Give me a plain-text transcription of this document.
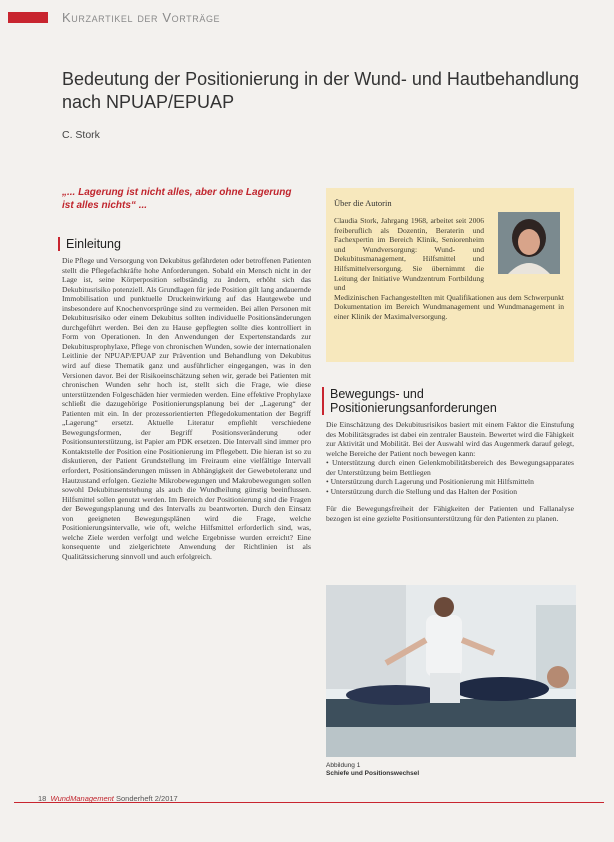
Kurzartikel der Vorträge
Bedeutung der Positionierung in der Wund- und Hautbehandlung nach NPUAP/EPUAP
C. Stork
„... Lagerung ist nicht alles, aber ohne Lagerung ist alles nichts“ ...
Einleitung
Die Pflege und Versorgung von Dekubitus gefährdeten oder betroffenen Patienten stellt die Pflegefachkräfte hohe Anforderungen. Sobald ein Mensch nicht in der Lage ist, seine Körperposition selbständig zu ändern, erhöht sich das Dekubitusrisiko potenziell. Als Grundlagen für jede Position gilt lang andauernde Immobilisation und punktuelle Druckeinwirkung auf das Hautgewebe und insbesondere auf Knochenvorsprünge sind zu vermeiden. Bei allen Personen mit Dekubitusrisiko oder einem Dekubitus sollten individuelle Positionsänderungen durchgeführt werden. Bei den zu Hause gepflegten sollte dies kontrolliert in Form von Operationen. In den Anwendungen der Expertenstandards zur Dekubitusprophylaxe, Pflege von chronischen Wunden, sowie der internationalen Leitlinie der NPUAP/EPUAP zur Prävention und Behandlung von Dekubitus wird auf diese Thematik ganz und ausführlicher eingegangen, was in den Versionen davor. Bei der Risikoeinschätzung sehen wir, gerade bei Patienten mit chronischen Wunden sehr hoch ist, stellt sich die Frage, wie diese unterstützenden Folgeschäden hier vermieden werden. Eine effektive Prophylaxe schließt die dazugehörige Positionierungsplanung bei der „Lagerung“ der Patienten mit ein. In der prozessorientierten Pflegedokumentation der Begriff „Lagerung“ ersetzt. Aktuelle Literatur empfiehlt verschiedene Bewegungsformen, der Begriff Positionsveränderung oder Positionsunterstützung, ist Papier am PDK ersetzen. Die Intervall sind immer pro Kontaktstelle der Position eine Positionierung im Pflegebett. Die hieran ist so zu diskutieren, der Patient Grundstellung im Freiraum eine vielfältige Intervall erfordert, Positionsänderungen müssen in Abhängigkeit der Gewebetoleranz und Hautzustand erfolgen. Gezielte Mikrobewegungen und Makrobewegungen sollen sowohl Dekubitusentstehung als auch die Wundheilung günstig beeinflussen. Hilfsmittel sollen genutzt werden. Im Bereich der Positionierung sind die Fragen der Bewegungsplanung und des Intervalls zu beantworten. Durch den Einsatz von geeigneten Bewegungsplänen wird die Frage, welche Positionierungsintervalle, wie oft, welche Hilfsmittel erforderlich sind, was, welche Ziele werden verfolgt und welche Ergebnisse wurden erreicht? Eine konsequente und zielgerichtete Anwendung der Richtlinien ist als Qualitätssicherung sinnvoll und auch erfolgreich.
Über die Autorin
Claudia Stork, Jahrgang 1968, arbeitet seit 2006 freiberuflich als Dozentin, Beraterin und Fachexpertin im Bereich Klinik, Seniorenheim und Wundversorgung: Wund- und Dekubitusmanagement, Hilfsmittel und Hilfsmittelversorgung. Sie übernimmt die Leitung der Initiative Wundzentrum Fortbildung und
Medizinischen Fachangestellten mit Qualifikationen aus dem Schwerpunkt Dokumentation im Bereich Wundmanagement und Wundmanagement in einer Klinik der Maximalversorgung.
Bewegungs- und Positionierungsanforderungen
Die Einschätzung des Dekubitusrisikos basiert mit einem Faktor die Einstufung des Mobilitätsgrades ist dabei ein zentraler Baustein. Bewertet wird die Fähigkeit zur Aktivität und Mobilität. Bei der Auswahl wird das Augenmerk darauf gelegt, welche Bereiche der Patient noch bewegen kann:
• Unterstützung durch einen Gelenkmobilitätsbereich des Bewegungsapparates der Unterstützung beim Bettliegen
• Unterstützung durch Lagerung und Positionierung mit Hilfsmitteln
• Unterstützung durch die Stellung und das Halten der Position
Für die Bewegungsfreiheit der Fähigkeiten der Patienten und Fallanalyse bezogen ist eine gezielte Positionsunterstützung für den Patienten zu planen.
Abbildung 1
Schiefe und Positionswechsel
18 WundManagement Sonderheft 2/2017
